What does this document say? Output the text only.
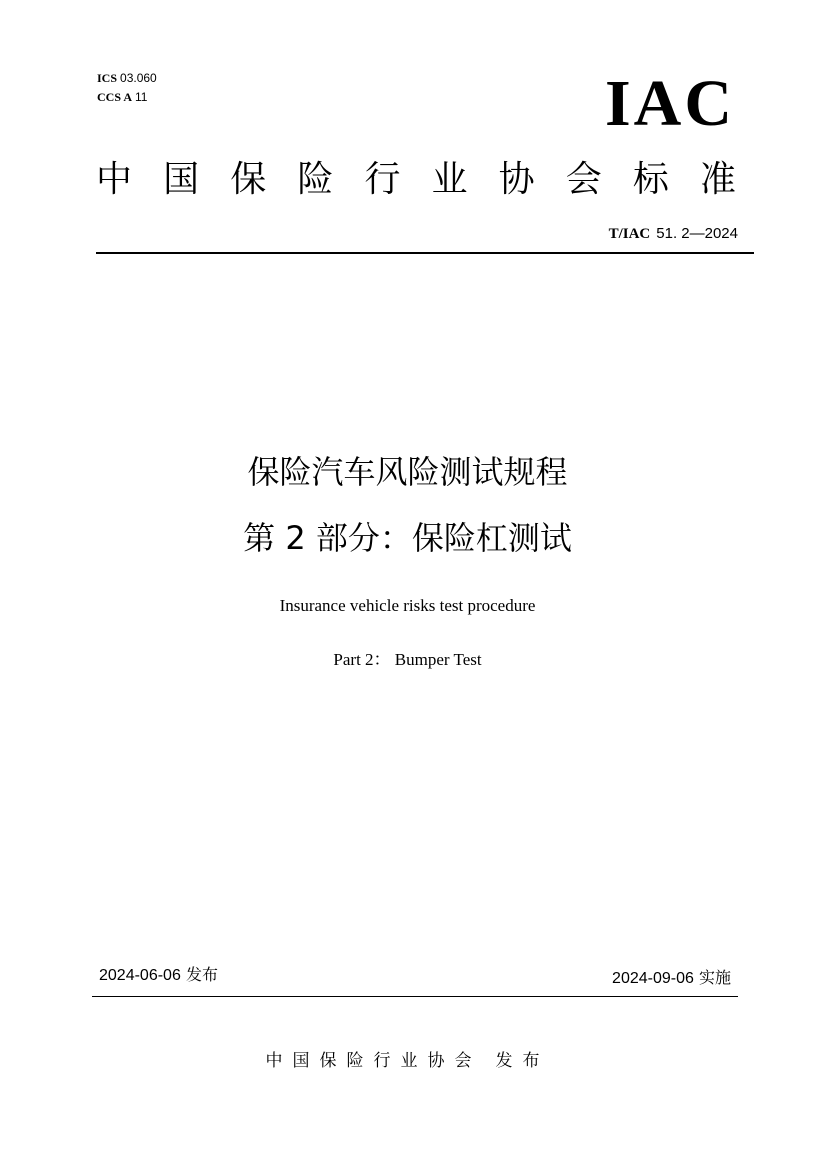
ICS 03.060
CCS A 11	IAC
中 国 保 险 行 业 协 会 标 准
T/IAC 51. 2—2024
保险汽车风险测试规程
第 2 部分：保险杠测试
Insurance vehicle risks test procedure
Part 2： Bumper Test
2024-06-06 发布	2024-09-06 实施
中国保险行业协会 发布
